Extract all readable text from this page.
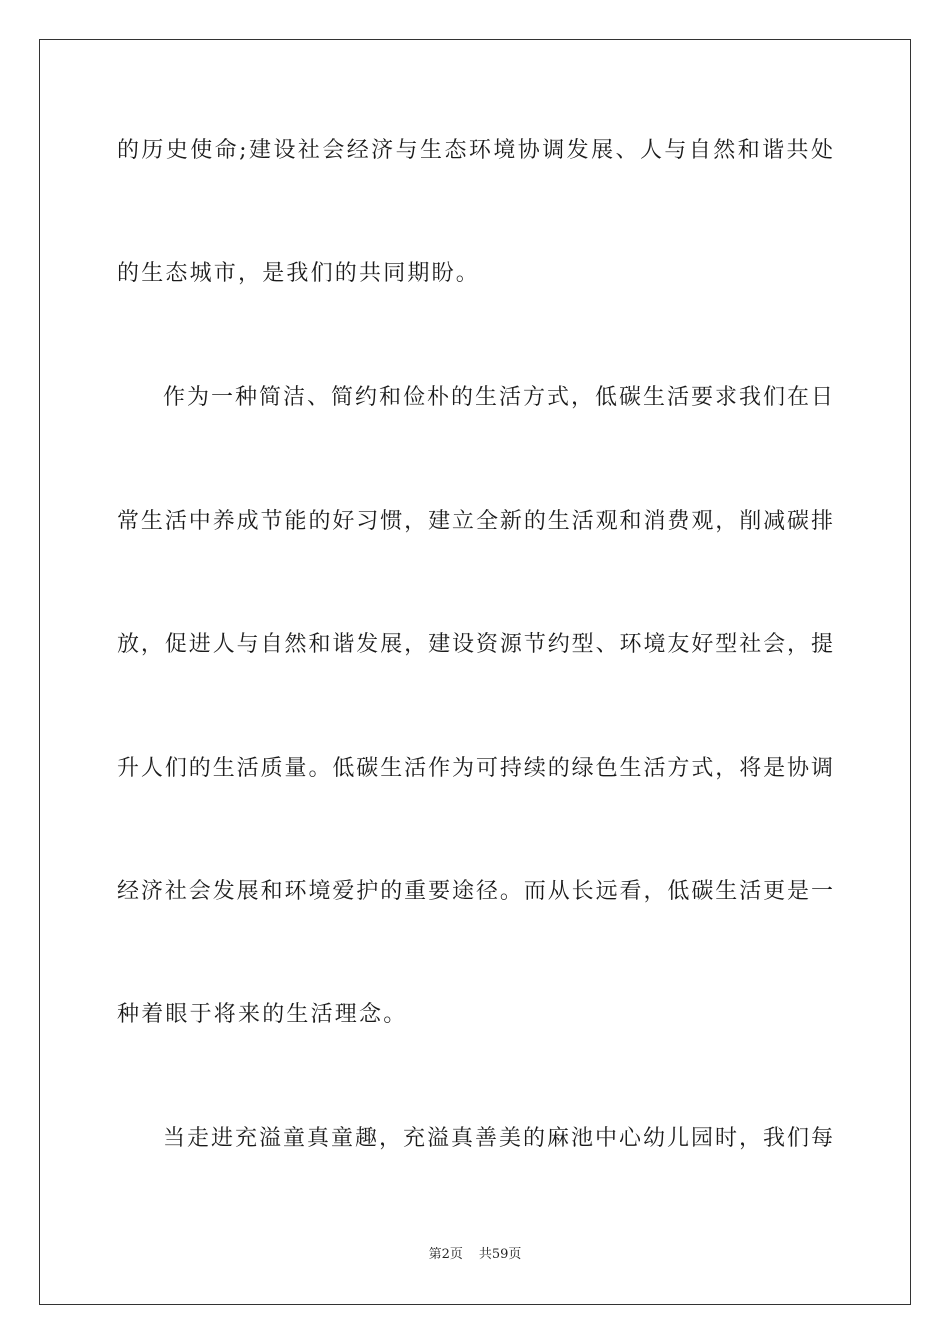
的历史使命;建设社会经济与生态环境协调发展、人与自然和谐共处
的生态城市，是我们的共同期盼。
作为一种简洁、简约和俭朴的生活方式，低碳生活要求我们在日
常生活中养成节能的好习惯，建立全新的生活观和消费观，削减碳排
放，促进人与自然和谐发展，建设资源节约型、环境友好型社会，提
升人们的生活质量。低碳生活作为可持续的绿色生活方式，将是协调
经济社会发展和环境爱护的重要途径。而从长远看，低碳生活更是一
种着眼于将来的生活理念。
当走进充溢童真童趣，充溢真善美的麻池中心幼儿园时，我们每
第2页 共59页
